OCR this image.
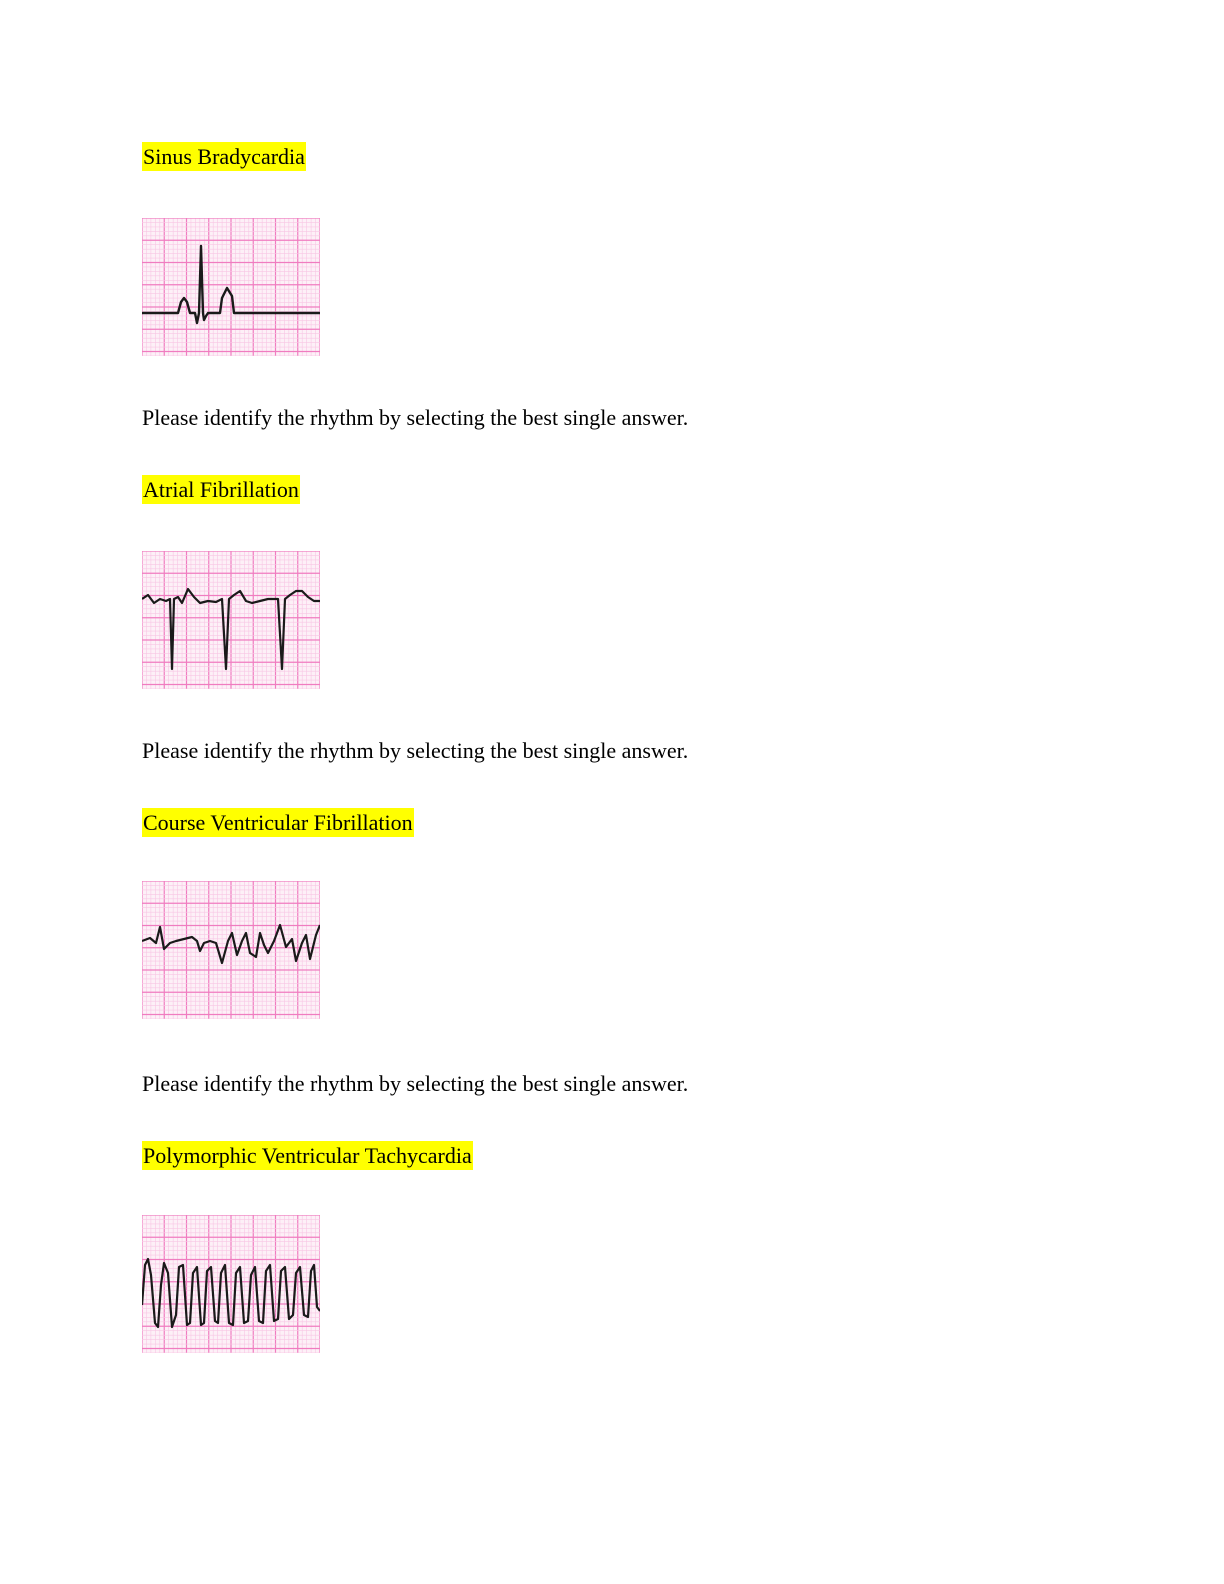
Sinus Bradycardia
Please identify the rhythm by selecting the best single answer.
Atrial Fibrillation
Please identify the rhythm by selecting the best single answer.
Course Ventricular Fibrillation
Please identify the rhythm by selecting the best single answer.
Polymorphic Ventricular Tachycardia
